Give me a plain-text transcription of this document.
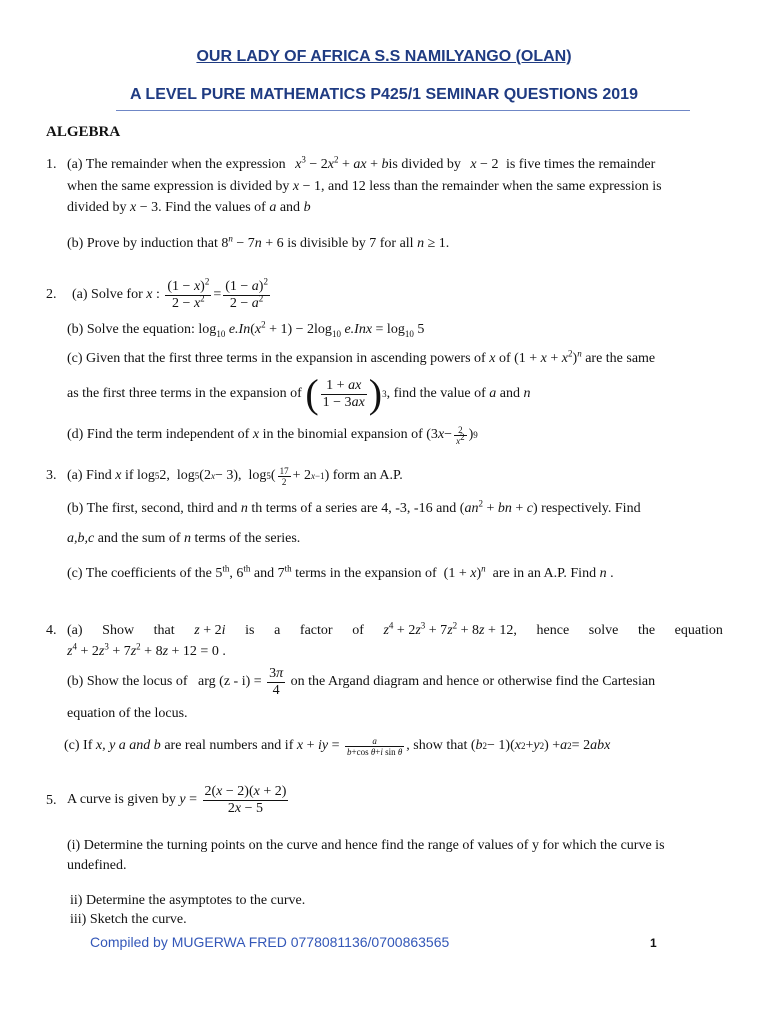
OUR LADY OF AFRICA S.S NAMILYANGO (OLAN)
A LEVEL PURE MATHEMATICS P425/1 SEMINAR QUESTIONS 2019
ALGEBRA
1. (a) The remainder when the expression $x^3 - 2x^2$ + ax + bis divided by x − 2 is five times the remainder
when the same expression is divided by x − 1, and 12 less than the remainder when the same expression is
divided by x − 3. Find the values of a and b
(b) Prove by induction that $8^n - 7n + 6$ is divisible by 7 for all n ≥ 1.
2. (a) Solve for
x : $\frac{(1 - x)^2}{2 - x^2} = \frac{(1 - a)^2}{2 - a^2}$
(b) Solve the equation: $\log_{10} e.In(x^2 + 1) - 2\log_{10}$ $e.Inx = \log_{10} 5$
(c) Given that the first three terms in the expansion in ascending powers of x of $(1 + x + x^2)^n$ are the same
as the first three terms in the expansion of
( $\frac{1 + ax}{1 - 3ax}$ ) 3 , find the value of
a
and
n
(d) Find the term independent of
x
in the binomial expansion of (3 $x - \frac{2}{x^2}$ ) 9
3. (a) Find
x
if log 5 2,  log 5 (2 x − 3),  log 5 ( $\frac{17}{2} + 2$ x−1 ) form an A.P.
(b) The first, second, third and n th terms of a series are 4, -3, -16 and ($an^2$ + bn + c) respectively. Find
a,b,c and the sum of n terms of the series.
(c) The coefficients of the 5th, 6th and 7th terms in the expansion of  $(1 + x)^n$ are in an A.P. Find n .
4. (a) Show that z + 2i is a factor of $z^4 + 2z^3 + 7z^2 + 8z + 12$, hence solve the equation
$z^4 + 2z^3 + 7z^2 + 8z + 12 = 0$ .
(b) Show the locus of
arg (z - i) =
$\frac{3\pi}{4}$
on the Argand diagram and hence or otherwise find the Cartesian
equation of the locus.
(c) If
x, y a and b
are real numbers and if
x + iy = $\frac{a}{\text{b+cos θ+i sin θ}}$ , show that ( b 2 − 1)( x 2 + y 2 ) + a 2 = 2 abx
5. A curve is given by
$y = \frac{2(x - 2)(x + 2)}{2x - 5}$
(i) Determine the turning points on the curve and hence find the range of values of y for which the curve is
undefined.
ii) Determine the asymptotes to the curve.
iii) Sketch the curve.
Compiled by MUGERWA FRED 0778081136/0700863565	1
